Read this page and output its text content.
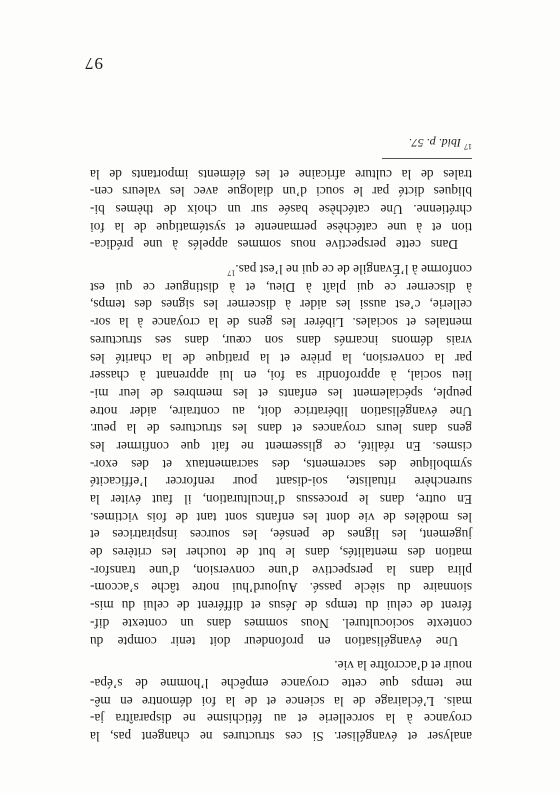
analyser et évangéliser. Si ces structures ne changent pas, la
croyance à la sorcellerie et au fétichisme ne disparaîtra ja-
mais. L’éclairage de la science et de la foi démontre en mê-
me temps que cette croyance empêche l’homme de s’épa-
nouir et d’accroître la vie.
Une évangélisation en profondeur doit tenir compte du
contexte socioculturel. Nous sommes dans un contexte dif-
férent de celui du temps de Jésus et différent de celui du mis-
sionnaire du siècle passé. Aujourd’hui notre tâche s’accom-
plira dans la perspective d’une conversion, d’une transfor-
mation des mentalités, dans le but de toucher les critères de
jugement, les lignes de pensée, les sources inspiratrices et
les modèles de vie dont les enfants sont tant de fois victimes.
En outre, dans le processus d’inculturation, il faut éviter la
surenchère ritualiste, soi-disant pour renforcer l’efficacité
symbolique des sacrements, des sacramentaux et des exor-
cismes. En réalité, ce glissement ne fait que confirmer les
gens dans leurs croyances et dans les structures de la peur.
Une évangélisation libératrice doit, au contraire, aider notre
peuple, spécialement les enfants et les membres de leur mi-
lieu social, à approfondir sa foi, en lui apprenant à chasser
par la conversion, la prière et la pratique de la charité les
vrais démons incarnés dans son cœur, dans ses structures
mentales et sociales. Libérer les gens de la croyance à la sor-
cellerie, c’est aussi les aider à discerner les signes des temps,
à discerner ce qui plaît à Dieu, et à distinguer ce qui est
conforme à l’Évangile de ce qui ne l’est pas.$^{17}$
Dans cette perspective nous sommes appelés à une prédica-
tion et à une catéchèse permanente et systématique de la foi
chrétienne. Une catéchèse basée sur un choix de thèmes bi-
bliques dicté par le souci d’un dialogue avec les valeurs cen-
trales de la culture africaine et les éléments importants de la
$^{17}$ Ibid. p. 57.
97
